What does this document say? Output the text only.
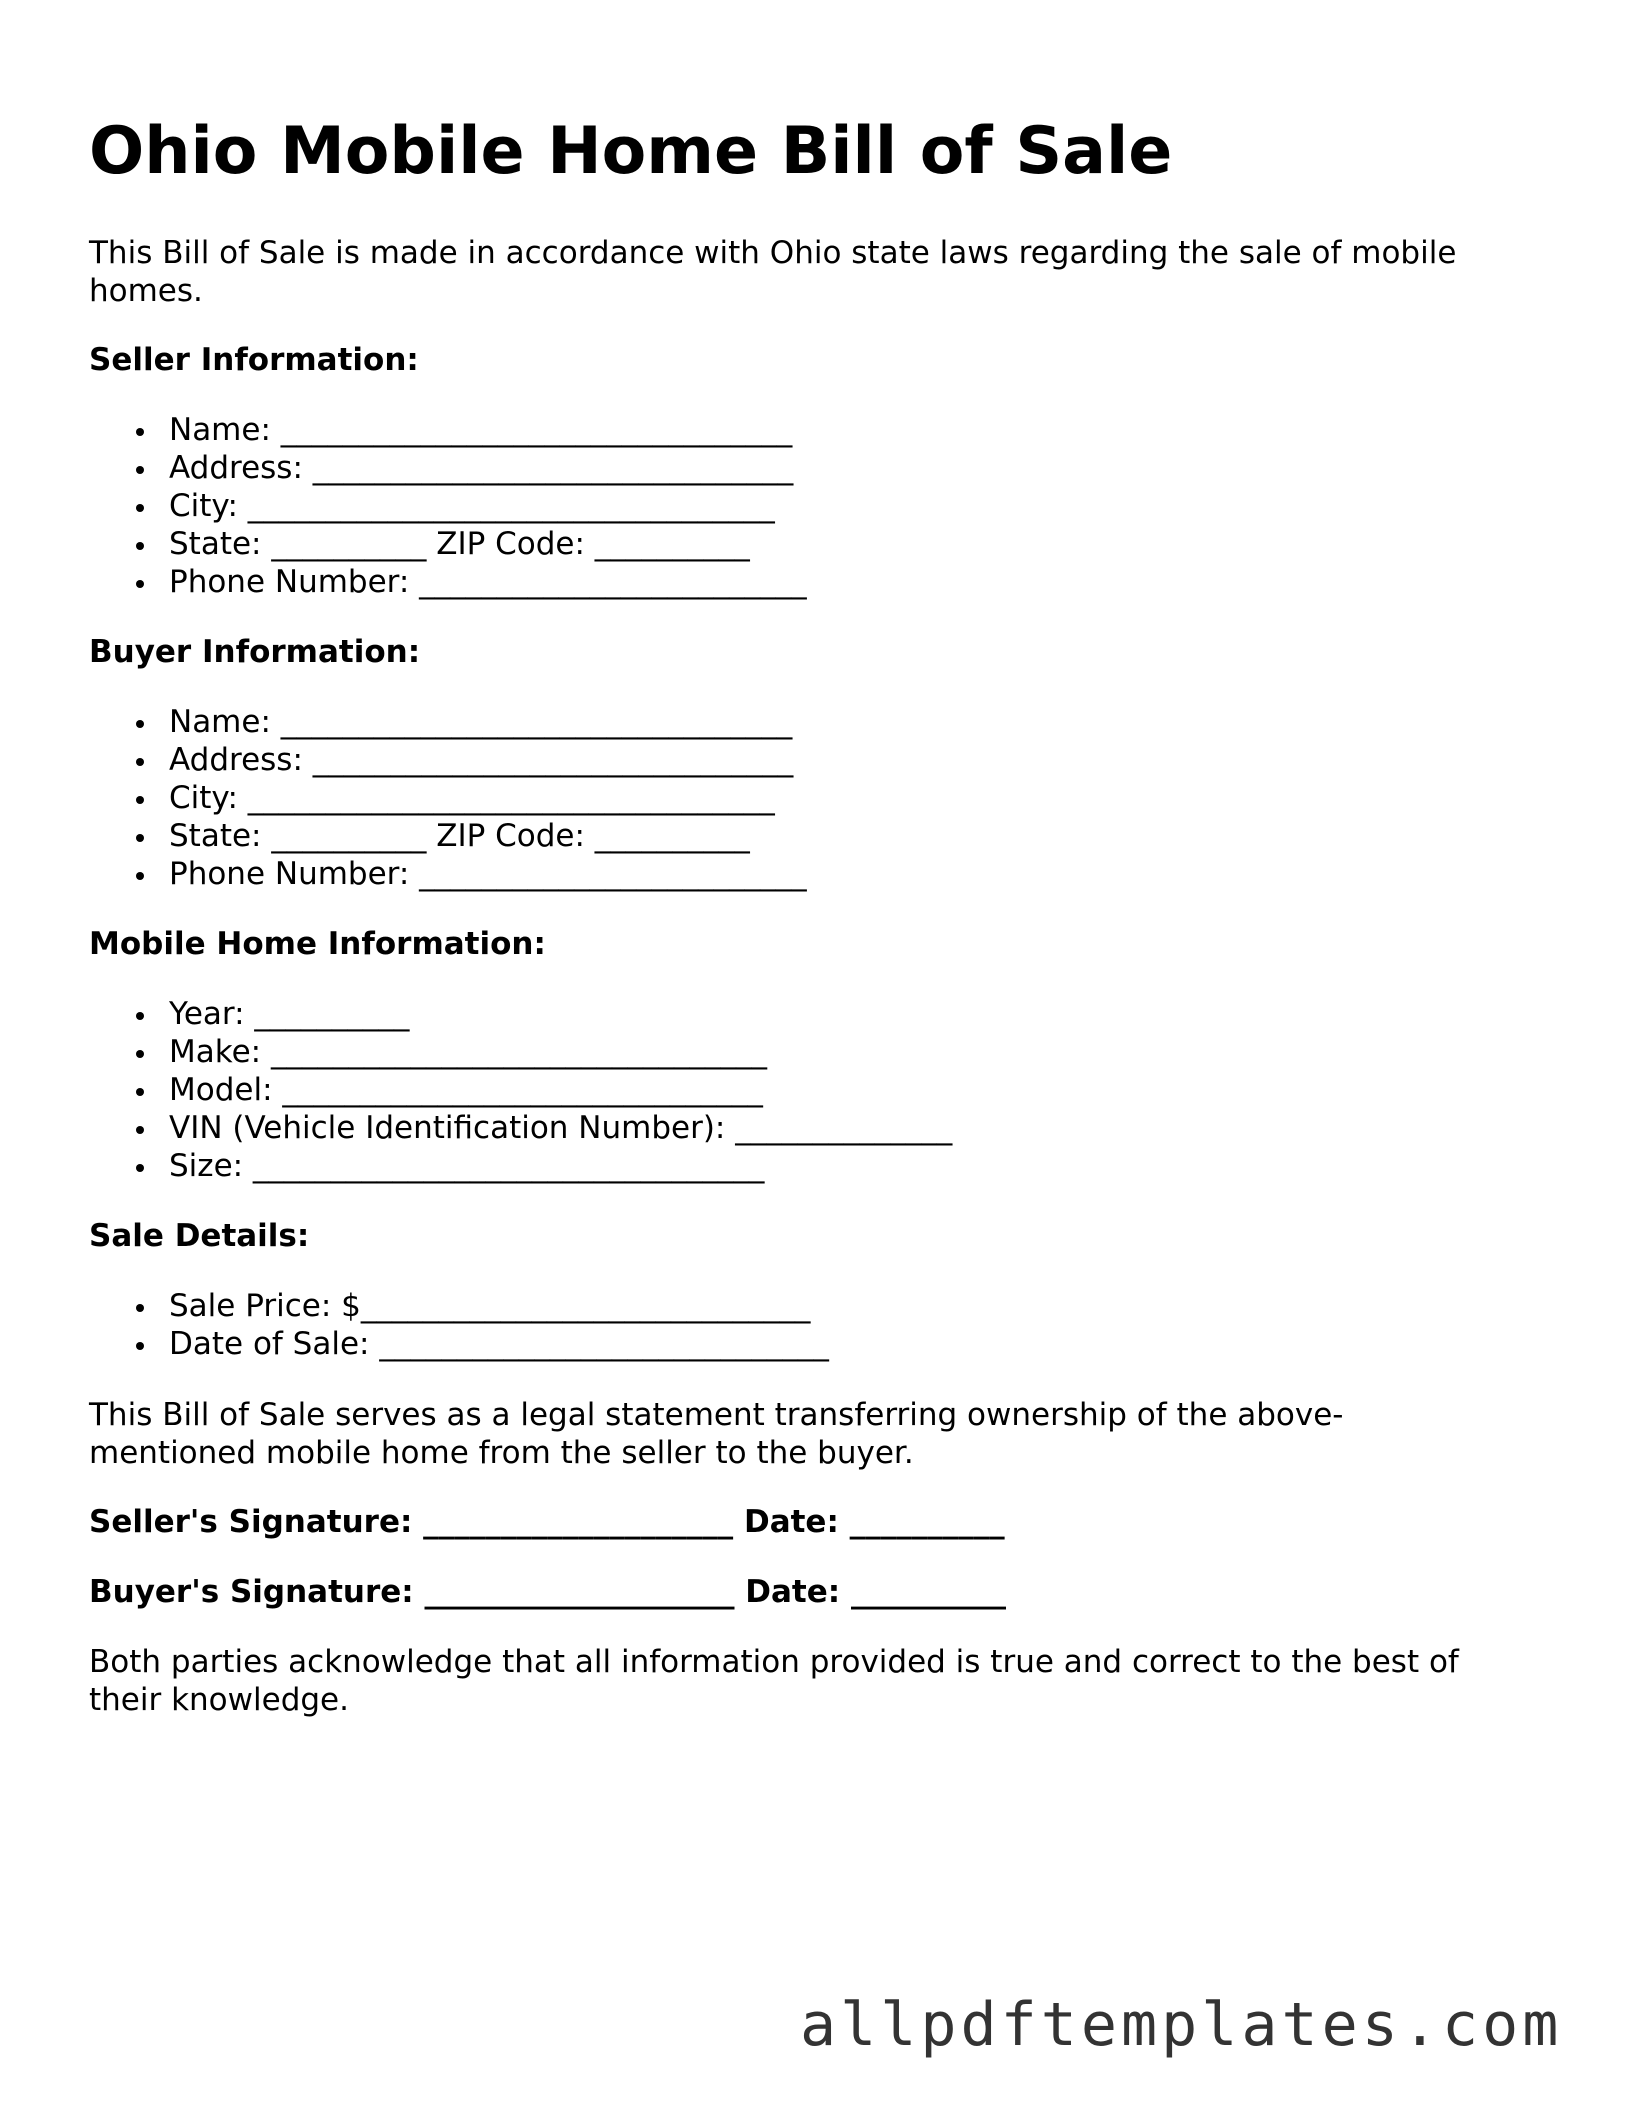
Ohio Mobile Home Bill of Sale

This Bill of Sale is made in accordance with Ohio state laws regarding the sale of mobile homes.

Seller Information:
Name: _________________________________
Address: _______________________________
City: __________________________________
State: __________ ZIP Code: __________
Phone Number: _________________________
Buyer Information:
Name: _________________________________
Address: _______________________________
City: __________________________________
State: __________ ZIP Code: __________
Phone Number: _________________________
Mobile Home Information:
Year: __________
Make: ________________________________
Model: _______________________________
VIN (Vehicle Identification Number): ______________
Size: _________________________________
Sale Details:
Sale Price: $_____________________________
Date of Sale: _____________________________

This Bill of Sale serves as a legal statement transferring ownership of the above-mentioned mobile home from the seller to the buyer.

Seller's Signature: ____________________ Date: __________
Buyer's Signature: ____________________ Date: __________

Both parties acknowledge that all information provided is true and correct to the best of their knowledge.

allpdftemplates.com
